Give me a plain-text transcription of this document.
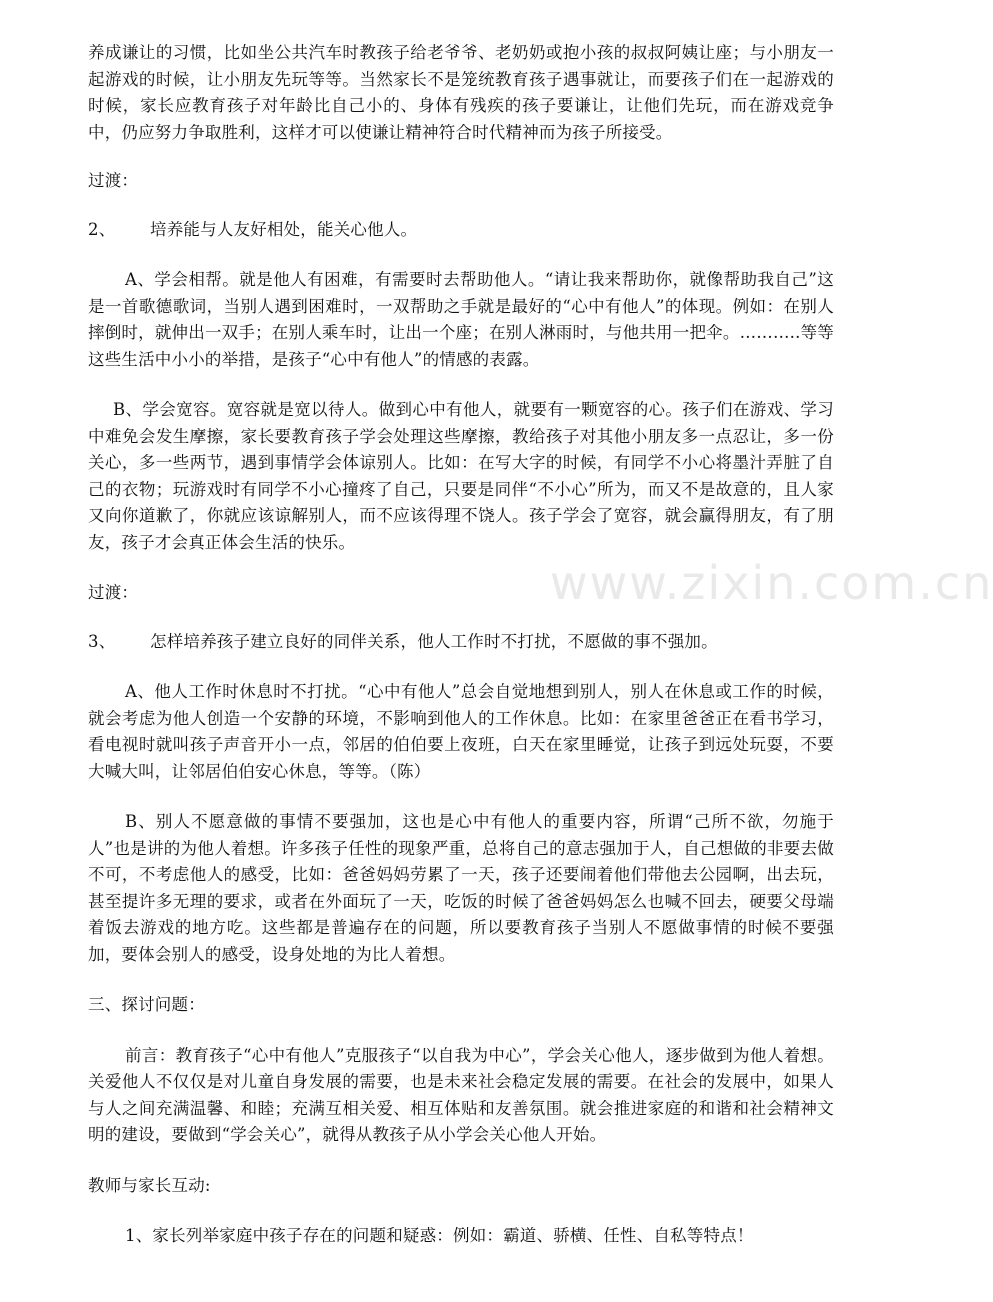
www.zixin.com.cn

养成谦让的习惯，比如坐公共汽车时教孩子给老爷爷、老奶奶或抱小孩的叔叔阿姨让座；与小朋友一起游戏的时候，让小朋友先玩等等。当然家长不是笼统教育孩子遇事就让，而要孩子们在一起游戏的时候，家长应教育孩子对年龄比自己小的、身体有残疾的孩子要谦让，让他们先玩，而在游戏竞争中，仍应努力争取胜利，这样才可以使谦让精神符合时代精神而为孩子所接受。

过渡：

2、	培养能与人友好相处，能关心他人。

A、学会相帮。就是他人有困难，有需要时去帮助他人。“请让我来帮助你，就像帮助我自己”这是一首歌德歌词，当别人遇到困难时，一双帮助之手就是最好的“心中有他人”的体现。例如：在别人摔倒时，就伸出一双手；在别人乘车时，让出一个座；在别人淋雨时，与他共用一把伞。………..等等这些生活中小小的举措，是孩子“心中有他人”的情感的表露。

B、学会宽容。宽容就是宽以待人。做到心中有他人，就要有一颗宽容的心。孩子们在游戏、学习中难免会发生摩擦，家长要教育孩子学会处理这些摩擦，教给孩子对其他小朋友多一点忍让，多一份关心，多一些两节，遇到事情学会体谅别人。比如：在写大字的时候，有同学不小心将墨汁弄脏了自己的衣物；玩游戏时有同学不小心撞疼了自己，只要是同伴“不小心”所为，而又不是故意的，且人家又向你道歉了，你就应该谅解别人，而不应该得理不饶人。孩子学会了宽容，就会赢得朋友，有了朋友，孩子才会真正体会生活的快乐。

过渡：

3、	怎样培养孩子建立良好的同伴关系，他人工作时不打扰，不愿做的事不强加。

A、他人工作时休息时不打扰。“心中有他人”总会自觉地想到别人，别人在休息或工作的时候，就会考虑为他人创造一个安静的环境，不影响到他人的工作休息。比如：在家里爸爸正在看书学习，看电视时就叫孩子声音开小一点，邻居的伯伯要上夜班，白天在家里睡觉，让孩子到远处玩耍，不要大喊大叫，让邻居伯伯安心休息，等等。（陈）

B、别人不愿意做的事情不要强加，这也是心中有他人的重要内容，所谓“己所不欲，勿施于人”也是讲的为他人着想。许多孩子任性的现象严重，总将自己的意志强加于人，自己想做的非要去做不可，不考虑他人的感受，比如：爸爸妈妈劳累了一天，孩子还要闹着他们带他去公园啊，出去玩，甚至提许多无理的要求，或者在外面玩了一天，吃饭的时候了爸爸妈妈怎么也喊不回去，硬要父母端着饭去游戏的地方吃。这些都是普遍存在的问题，所以要教育孩子当别人不愿做事情的时候不要强加，要体会别人的感受，设身处地的为比人着想。

三、探讨问题：

前言：教育孩子“心中有他人”克服孩子“以自我为中心”，学会关心他人，逐步做到为他人着想。关爱他人不仅仅是对儿童自身发展的需要，也是未来社会稳定发展的需要。在社会的发展中，如果人与人之间充满温馨、和睦；充满互相关爱、相互体贴和友善氛围。就会推进家庭的和谐和社会精神文明的建设，要做到“学会关心”，就得从教孩子从小学会关心他人开始。

教师与家长互动:

1、家长列举家庭中孩子存在的问题和疑惑：例如：霸道、骄横、任性、自私等特点！
